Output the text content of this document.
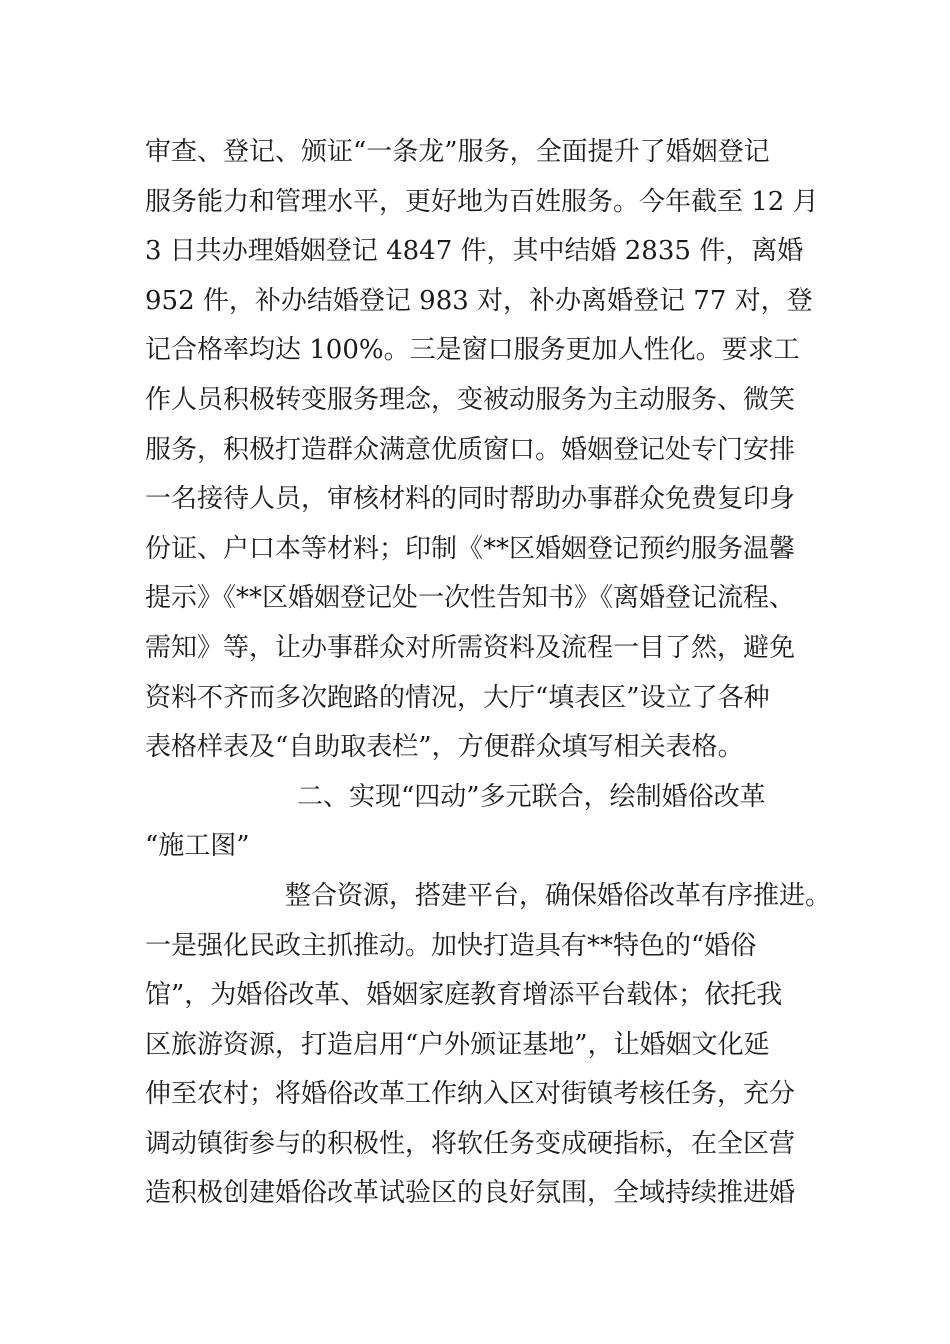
审查、登记、颁证“一条龙”服务，全面提升了婚姻登记
服务能力和管理水平，更好地为百姓服务。今年截至 12 月
3 日共办理婚姻登记 4847 件，其中结婚 2835 件，离婚
952 件，补办结婚登记 983 对，补办离婚登记 77 对，登
记合格率均达 100%。三是窗口服务更加人性化。要求工
作人员积极转变服务理念，变被动服务为主动服务、微笑
服务，积极打造群众满意优质窗口。婚姻登记处专门安排
一名接待人员，审核材料的同时帮助办事群众免费复印身
份证、户口本等材料；印制《**区婚姻登记预约服务温馨
提示》《**区婚姻登记处一次性告知书》《离婚登记流程、
需知》等，让办事群众对所需资料及流程一目了然，避免
资料不齐而多次跑路的情况，大厅“填表区”设立了各种
表格样表及“自助取表栏”，方便群众填写相关表格。
二、实现“四动”多元联合，绘制婚俗改革
“施工图”
整合资源，搭建平台，确保婚俗改革有序推进。
一是强化民政主抓推动。加快打造具有**特色的“婚俗
馆”，为婚俗改革、婚姻家庭教育增添平台载体；依托我
区旅游资源，打造启用“户外颁证基地”，让婚姻文化延
伸至农村；将婚俗改革工作纳入区对街镇考核任务，充分
调动镇街参与的积极性，将软任务变成硬指标，在全区营
造积极创建婚俗改革试验区的良好氛围，全域持续推进婚
